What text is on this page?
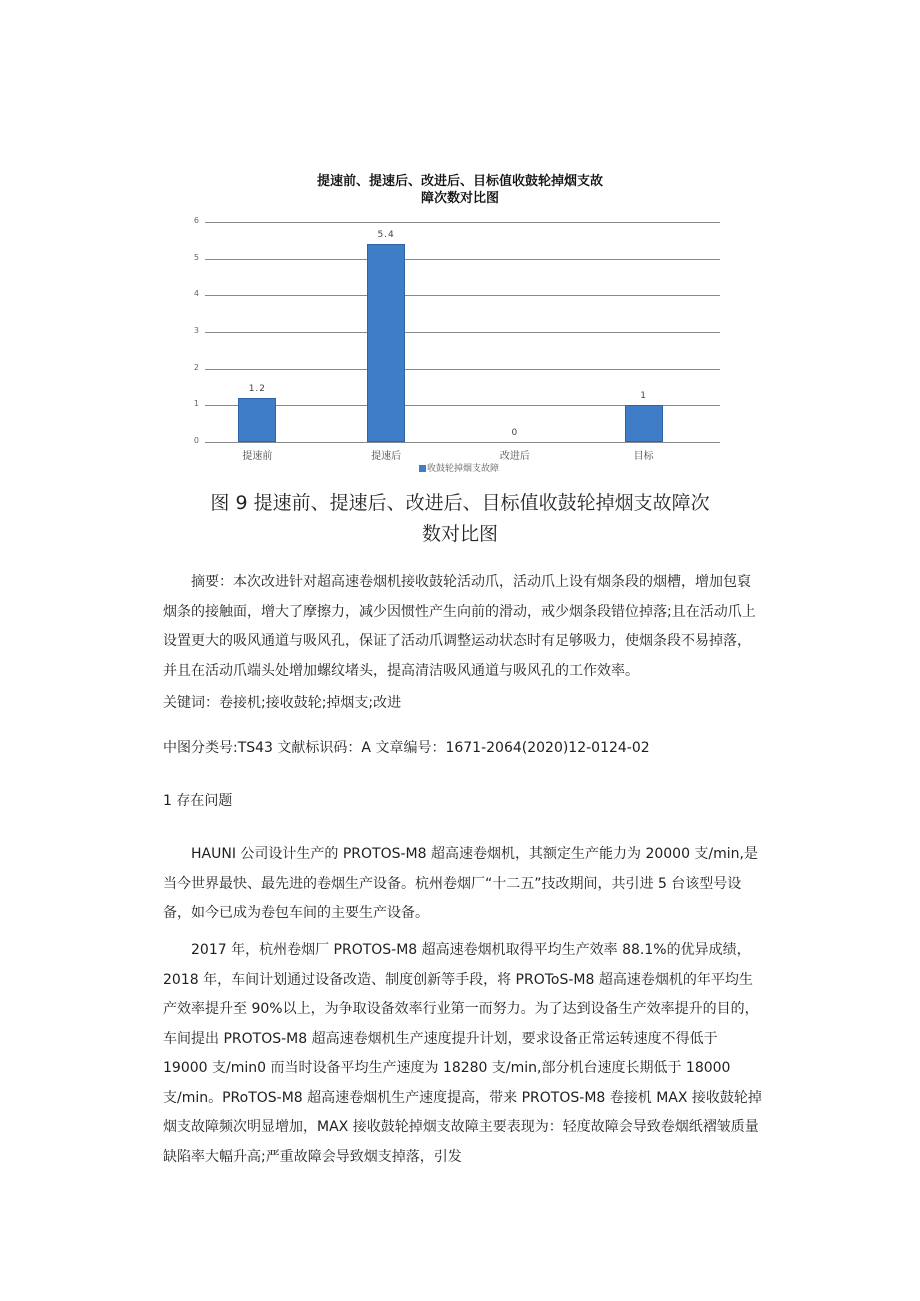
提速前、提速后、改进后、目标值收鼓轮掉烟支故
障次数对比图
0
1
2
3
4
5
6
1.2
提速前
5.4
提速后
0
改进后
1
目标
收鼓轮掉烟支故障
图 9 提速前、提速后、改进后、目标值收鼓轮掉烟支故障次
数对比图

摘要：本次改进针对超高速卷烟机接收鼓轮活动爪，活动爪上设有烟条段的烟槽，增加包裒烟条的接触面，增大了摩擦力，减少因惯性产生向前的滑动，戒少烟条段错位掉落;且在活动爪上设置更大的吸风通道与吸风孔，保证了活动爪调整运动状态时有足够吸力，使烟条段不易掉落，并且在活动爪端头处增加螺纹堵头，提高清洁吸风通道与吸风孔的工作效率。

关键词：卷接机;接收鼓轮;掉烟支;改进

中图分类号:TS43 文献标识码：A 文章编号：1671-2064(2020)12-0124-02

1 存在问题

HAUNI 公司设计生产的 PROTOS-M8 超高速卷烟机，其额定生产能力为 20000 支/min,是当今世界最快、最先进的卷烟生产设备。杭州卷烟厂“十二五”技改期间，共引进 5 台该型号设备，如今已成为卷包车间的主要生产设备。

2017 年，杭州卷烟厂 PROTOS-M8 超高速卷烟机取得平均生产效率 88.1%的优异成绩，2018 年，车间计划通过设备改造、制度创新等手段，将 PROToS-M8 超高速卷烟机的年平均生产效率提升至 90%以上，为争取设备效率行业第一而努力。为了达到设备生产效率提升的目的，车间提出 PROTOS-M8 超高速卷烟机生产速度提升计划，要求设备正常运转速度不得低于 19000 支/min0 而当时设备平均生产速度为 18280 支/min,部分机台速度长期低于 18000 支/min。PRoTOS-M8 超高速卷烟机生产速度提高，带来 PROTOS-M8 卷接机 MAX 接收鼓轮掉烟支故障频次明显增加，MAX 接收鼓轮掉烟支故障主要表现为：轻度故障会导致卷烟纸褶皱质量缺陷率大幅升高;严重故障会导致烟支掉落，引发
